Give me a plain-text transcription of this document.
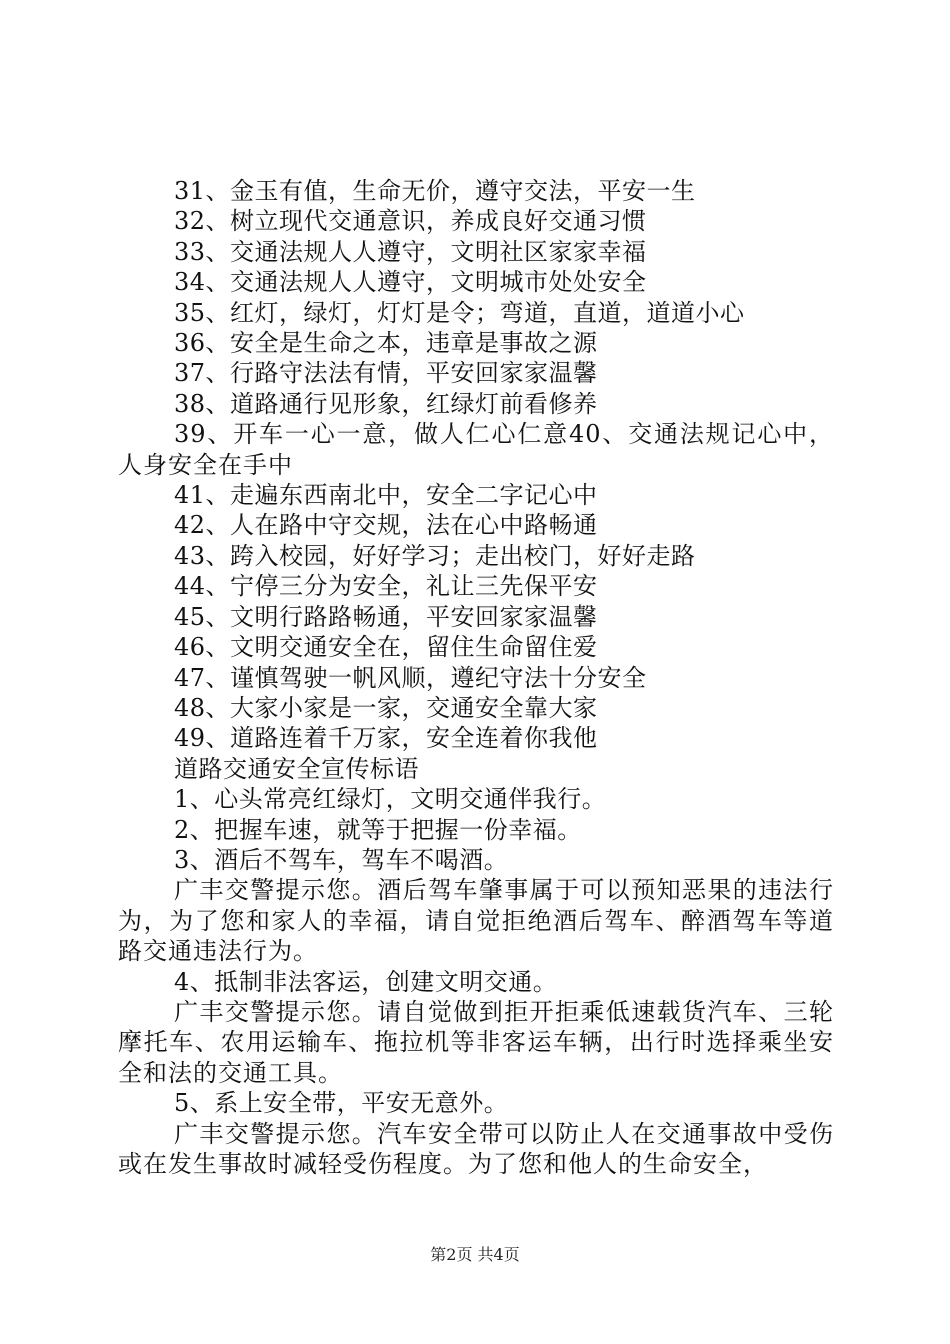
31、金玉有值，生命无价，遵守交法，平安一生
32、树立现代交通意识，养成良好交通习惯
33、交通法规人人遵守，文明社区家家幸福
34、交通法规人人遵守，文明城市处处安全
35、红灯，绿灯，灯灯是令；弯道，直道，道道小心
36、安全是生命之本，违章是事故之源
37、行路守法法有情，平安回家家温馨
38、道路通行见形象，红绿灯前看修养
39、开车一心一意，做人仁心仁意40、交通法规记心中，人身安全在手中
41、走遍东西南北中，安全二字记心中
42、人在路中守交规，法在心中路畅通
43、跨入校园，好好学习；走出校门，好好走路
44、宁停三分为安全，礼让三先保平安
45、文明行路路畅通，平安回家家温馨
46、文明交通安全在，留住生命留住爱
47、谨慎驾驶一帆风顺，遵纪守法十分安全
48、大家小家是一家，交通安全靠大家
49、道路连着千万家，安全连着你我他
道路交通安全宣传标语
1、心头常亮红绿灯，文明交通伴我行。
2、把握车速，就等于把握一份幸福。
3、酒后不驾车，驾车不喝酒。
广丰交警提示您。酒后驾车肇事属于可以预知恶果的违法行为，为了您和家人的幸福，请自觉拒绝酒后驾车、醉酒驾车等道路交通违法行为。
4、抵制非法客运，创建文明交通。
广丰交警提示您。请自觉做到拒开拒乘低速载货汽车、三轮摩托车、农用运输车、拖拉机等非客运车辆，出行时选择乘坐安全和法的交通工具。
5、系上安全带，平安无意外。
广丰交警提示您。汽车安全带可以防止人在交通事故中受伤或在发生事故时减轻受伤程度。为了您和他人的生命安全，
第2页 共4页
